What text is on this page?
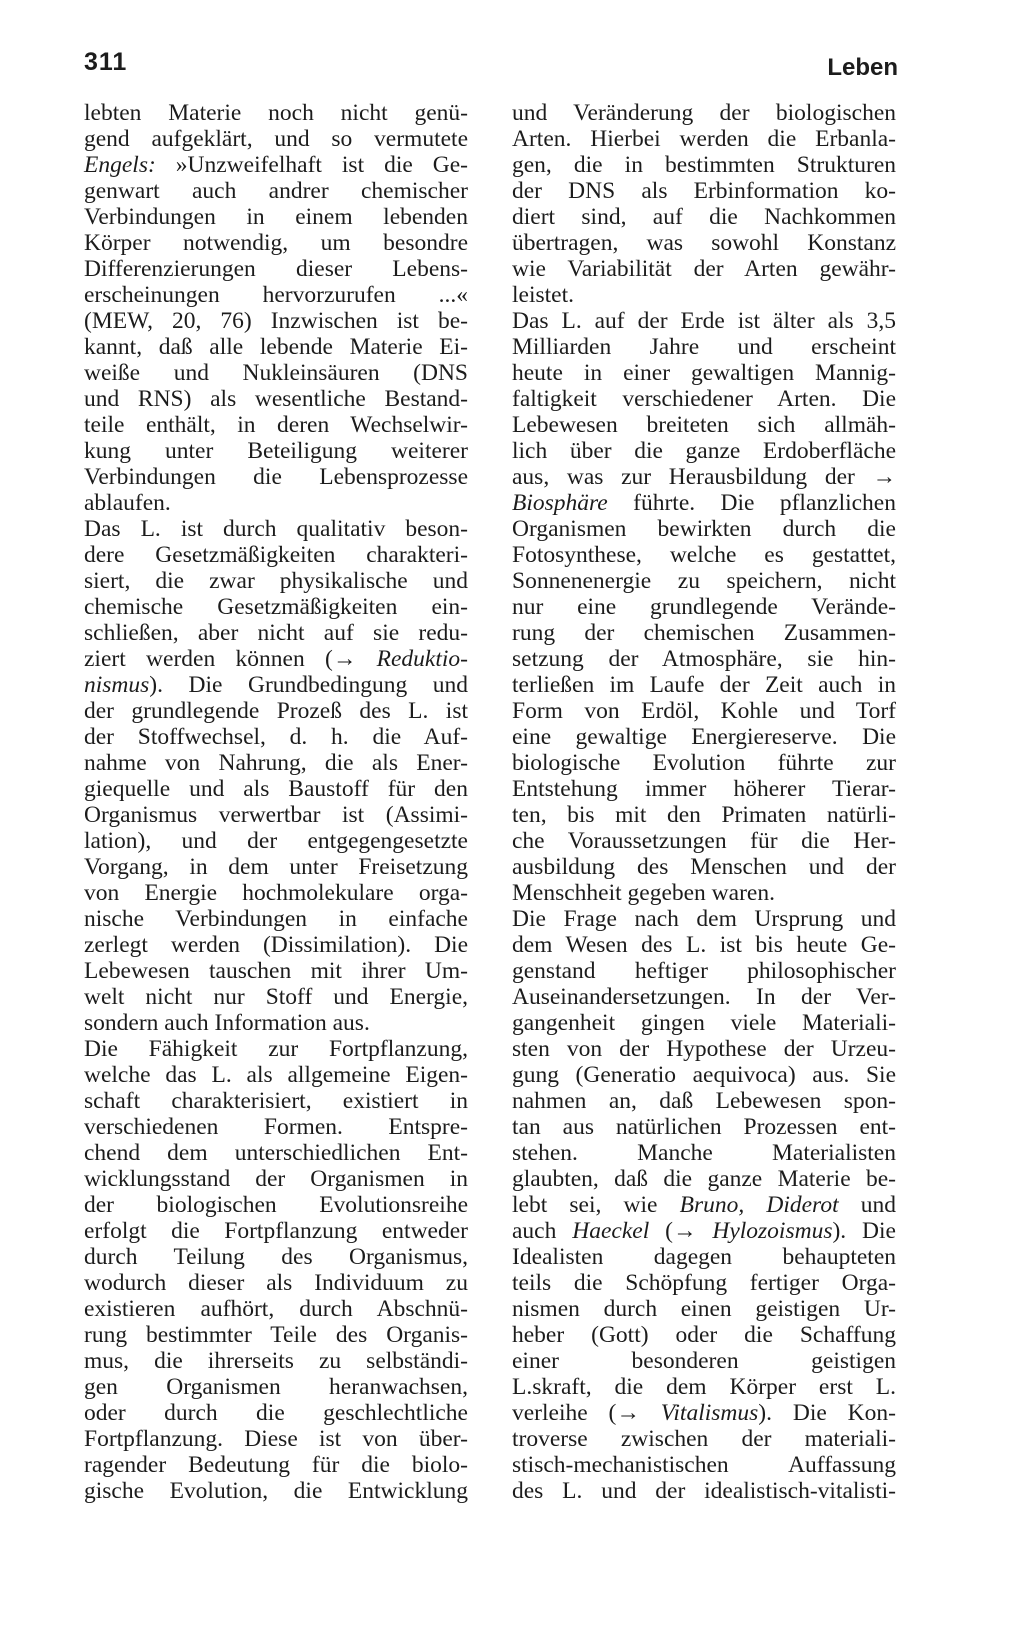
311	Leben
lebten Materie noch nicht genü-
gend aufgeklärt, und so vermutete
Engels: »Unzweifelhaft ist die Ge-
genwart auch andrer chemischer
Verbindungen in einem lebenden
Körper notwendig, um besondre
Differenzierungen dieser Lebens-
erscheinungen hervorzurufen ...«
(MEW, 20, 76) Inzwischen ist be-
kannt, daß alle lebende Materie Ei-
weiße und Nukleinsäuren (DNS
und RNS) als wesentliche Bestand-
teile enthält, in deren Wechselwir-
kung unter Beteiligung weiterer
Verbindungen die Lebensprozesse
ablaufen.
Das L. ist durch qualitativ beson-
dere Gesetzmäßigkeiten charakteri-
siert, die zwar physikalische und
chemische Gesetzmäßigkeiten ein-
schließen, aber nicht auf sie redu-
ziert werden können (→ Reduktio-
nismus). Die Grundbedingung und
der grundlegende Prozeß des L. ist
der Stoffwechsel, d. h. die Auf-
nahme von Nahrung, die als Ener-
giequelle und als Baustoff für den
Organismus verwertbar ist (Assimi-
lation), und der entgegengesetzte
Vorgang, in dem unter Freisetzung
von Energie hochmolekulare orga-
nische Verbindungen in einfache
zerlegt werden (Dissimilation). Die
Lebewesen tauschen mit ihrer Um-
welt nicht nur Stoff und Energie,
sondern auch Information aus.
Die Fähigkeit zur Fortpflanzung,
welche das L. als allgemeine Eigen-
schaft charakterisiert, existiert in
verschiedenen Formen. Entspre-
chend dem unterschiedlichen Ent-
wicklungsstand der Organismen in
der biologischen Evolutionsreihe
erfolgt die Fortpflanzung entweder
durch Teilung des Organismus,
wodurch dieser als Individuum zu
existieren aufhört, durch Abschnü-
rung bestimmter Teile des Organis-
mus, die ihrerseits zu selbständi-
gen Organismen heranwachsen,
oder durch die geschlechtliche
Fortpflanzung. Diese ist von über-
ragender Bedeutung für die biolo-
gische Evolution, die Entwicklung
und Veränderung der biologischen
Arten. Hierbei werden die Erbanla-
gen, die in bestimmten Strukturen
der DNS als Erbinformation ko-
diert sind, auf die Nachkommen
übertragen, was sowohl Konstanz
wie Variabilität der Arten gewähr-
leistet.
Das L. auf der Erde ist älter als 3,5
Milliarden Jahre und erscheint
heute in einer gewaltigen Mannig-
faltigkeit verschiedener Arten. Die
Lebewesen breiteten sich allmäh-
lich über die ganze Erdoberfläche
aus, was zur Herausbildung der →
Biosphäre führte. Die pflanzlichen
Organismen bewirkten durch die
Fotosynthese, welche es gestattet,
Sonnenenergie zu speichern, nicht
nur eine grundlegende Verände-
rung der chemischen Zusammen-
setzung der Atmosphäre, sie hin-
terließen im Laufe der Zeit auch in
Form von Erdöl, Kohle und Torf
eine gewaltige Energiereserve. Die
biologische Evolution führte zur
Entstehung immer höherer Tierar-
ten, bis mit den Primaten natürli-
che Voraussetzungen für die Her-
ausbildung des Menschen und der
Menschheit gegeben waren.
Die Frage nach dem Ursprung und
dem Wesen des L. ist bis heute Ge-
genstand heftiger philosophischer
Auseinandersetzungen. In der Ver-
gangenheit gingen viele Materiali-
sten von der Hypothese der Urzeu-
gung (Generatio aequivoca) aus. Sie
nahmen an, daß Lebewesen spon-
tan aus natürlichen Prozessen ent-
stehen. Manche Materialisten
glaubten, daß die ganze Materie be-
lebt sei, wie Bruno, Diderot und
auch Haeckel (→ Hylozoismus). Die
Idealisten dagegen behaupteten
teils die Schöpfung fertiger Orga-
nismen durch einen geistigen Ur-
heber (Gott) oder die Schaffung
einer besonderen geistigen
L.skraft, die dem Körper erst L.
verleihe (→ Vitalismus). Die Kon-
troverse zwischen der materiali-
stisch-mechanistischen Auffassung
des L. und der idealistisch-vitalisti-
